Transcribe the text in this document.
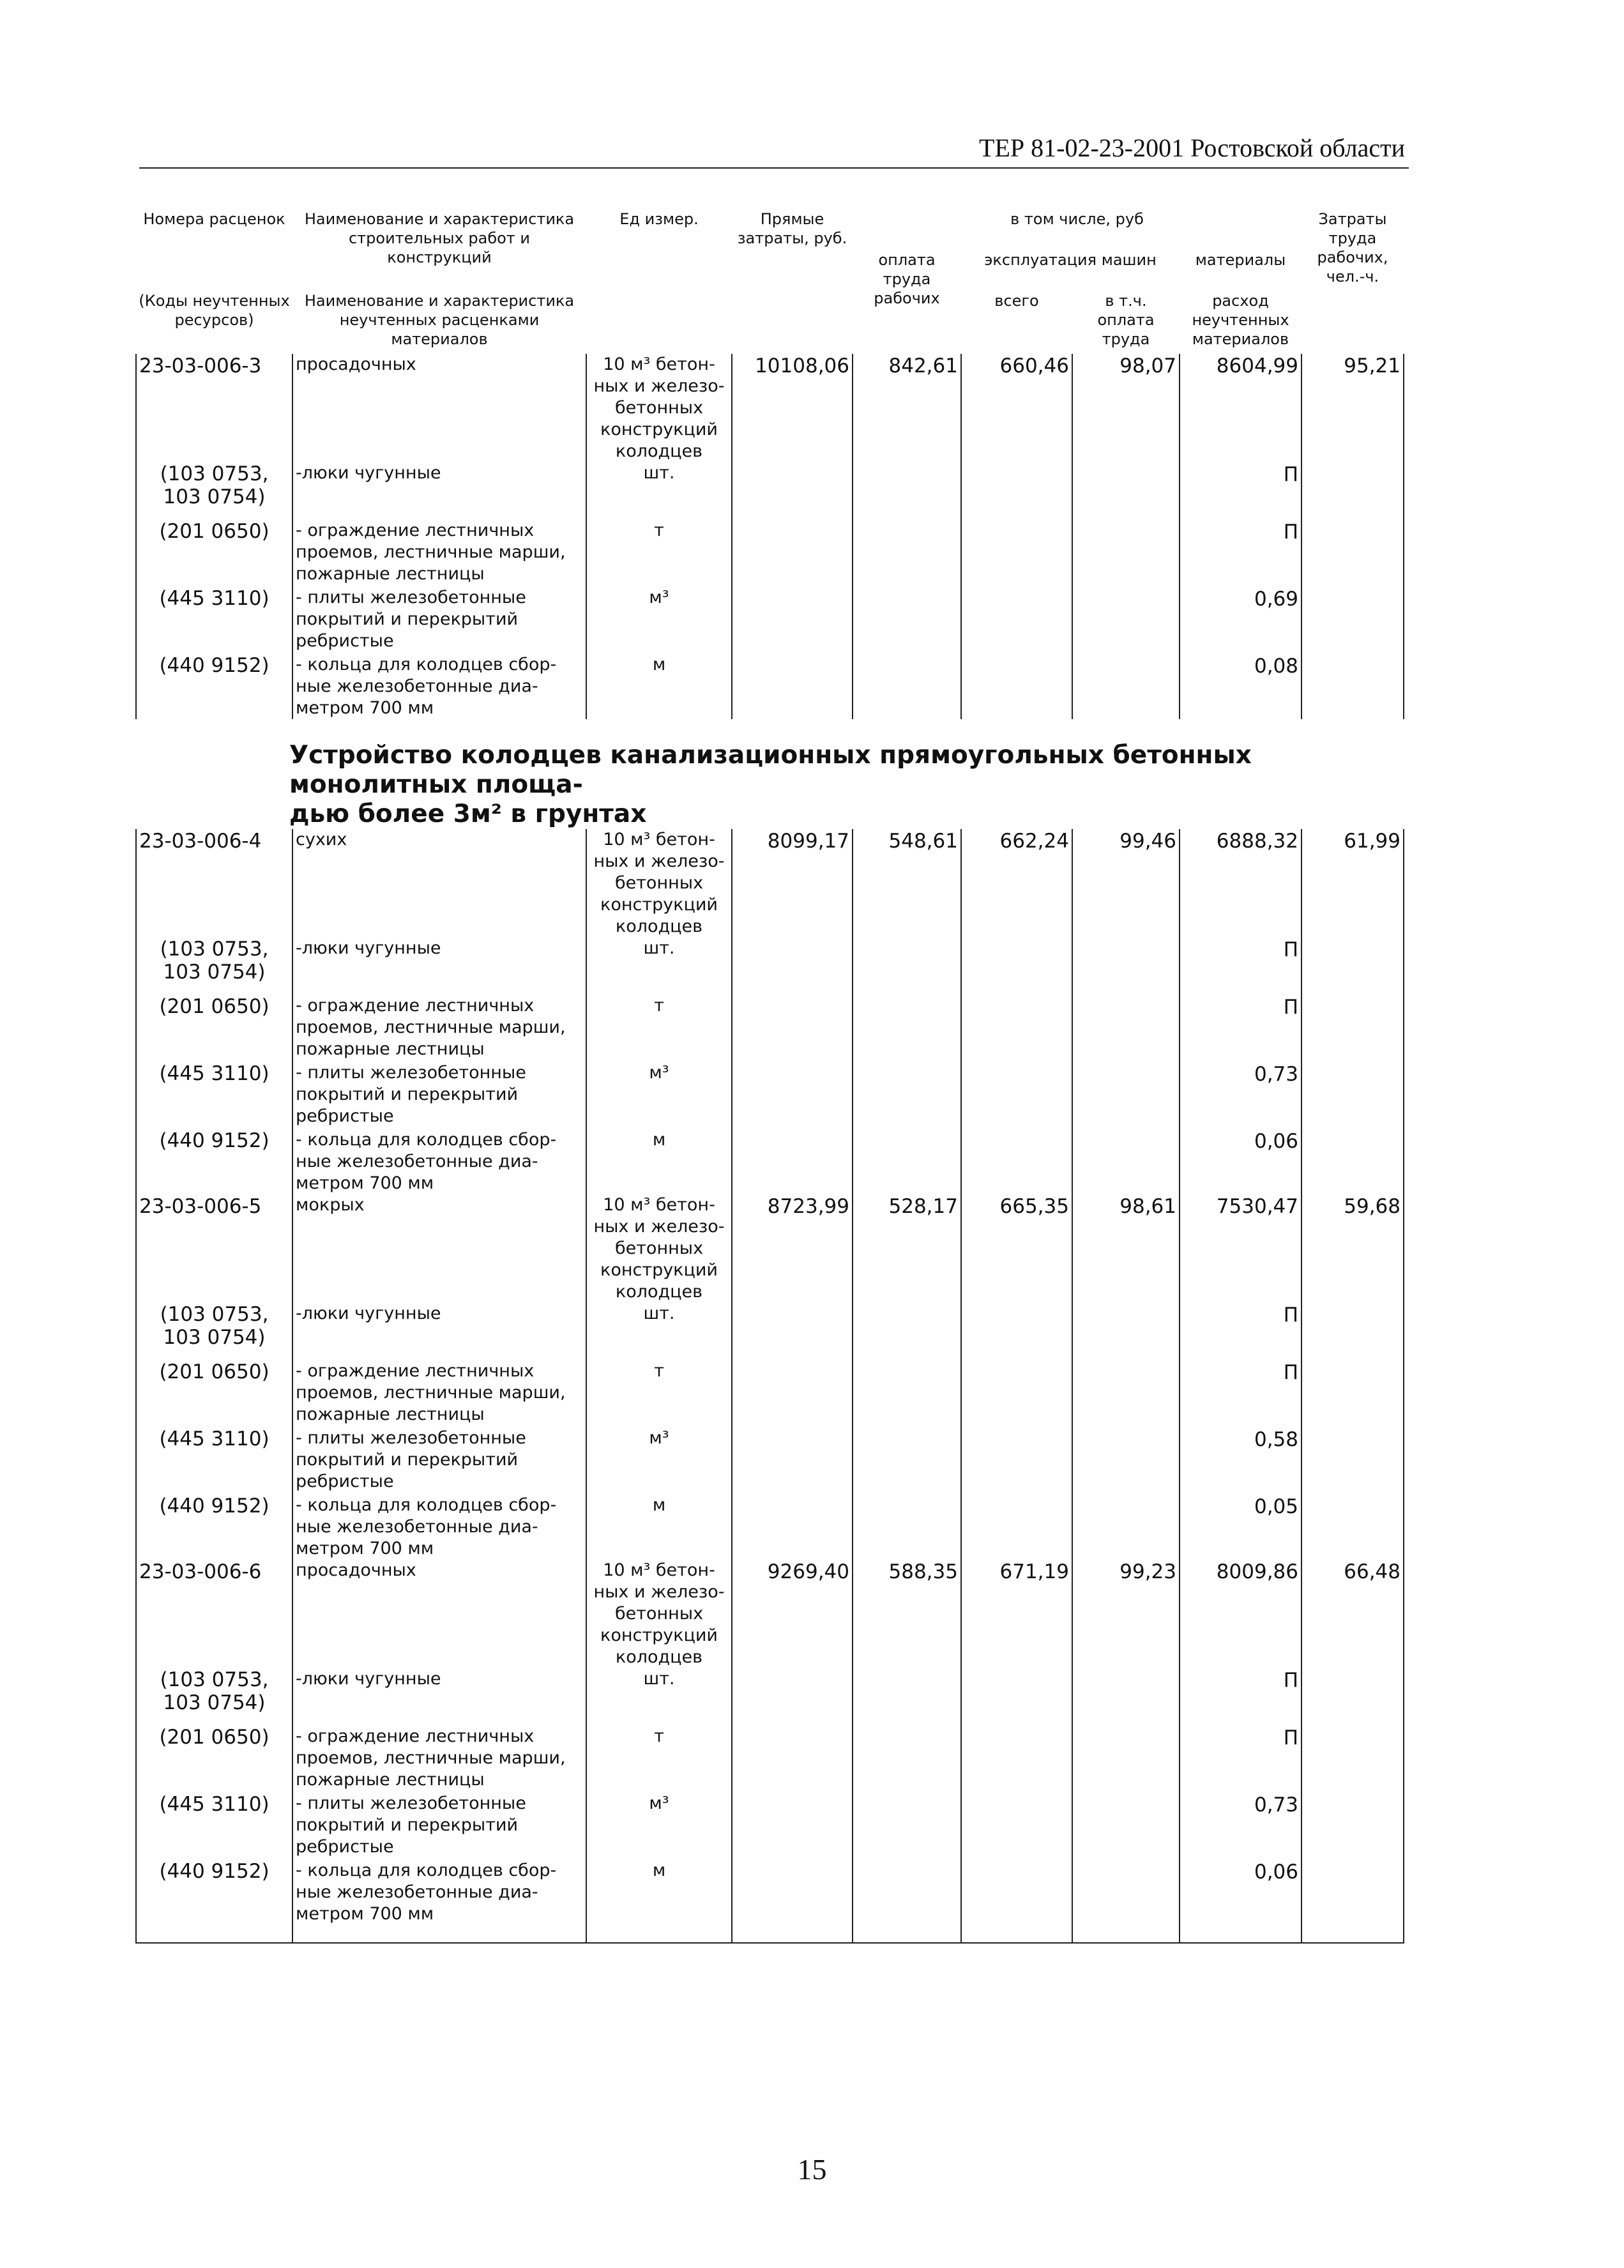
ТЕР 81-02-23-2001 Ростовской области
Номера расценок	Наименование и характеристика строительных работ и конструкций	Ед измер.	Прямые затраты, руб.	в том числе, руб				Затраты труда рабочих, чел.-ч.
				оплата труда рабочих	эксплуатация машин		материалы	
(Коды неучтенных ресурсов)	Наименование и характеристика неучтенных расценками материалов				всего	в т.ч. оплата труда	расход неучтенных материалов	

23-03-006-3	просадочных	10 м³ бетон-
ных и железо-
бетонных
конструкций
колодцев	10108,06	842,61	660,46	98,07	8604,99	95,21

(103 0753,
103 0754)	-люки чугунные	шт.					П	

(201 0650)	- ограждение лестничных
проемов, лестничные марши,
пожарные лестницы	т					П	

(445 3110)	- плиты железобетонные
покрытий и перекрытий
ребристые	м³					0,69	

(440 9152)	- кольца для колодцев сбор-
ные железобетонные диа-
метром 700 мм	м					0,08	

Устройство колодцев канализационных прямоугольных бетонных монолитных площа-
дью более 3м² в грунтах								

23-03-006-4	сухих	10 м³ бетон-
ных и железо-
бетонных
конструкций
колодцев	8099,17	548,61	662,24	99,46	6888,32	61,99

(103 0753,
103 0754)	-люки чугунные	шт.					П	

(201 0650)	- ограждение лестничных
проемов, лестничные марши,
пожарные лестницы	т					П	

(445 3110)	- плиты железобетонные
покрытий и перекрытий
ребристые	м³					0,73	

(440 9152)	- кольца для колодцев сбор-
ные железобетонные диа-
метром 700 мм	м					0,06	
23-03-006-5	мокрых	10 м³ бетон-
ных и железо-
бетонных
конструкций
колодцев	8723,99	528,17	665,35	98,61	7530,47	59,68

(103 0753,
103 0754)	-люки чугунные	шт.					П	

(201 0650)	- ограждение лестничных
проемов, лестничные марши,
пожарные лестницы	т					П	

(445 3110)	- плиты железобетонные
покрытий и перекрытий
ребристые	м³					0,58	

(440 9152)	- кольца для колодцев сбор-
ные железобетонные диа-
метром 700 мм	м					0,05	
23-03-006-6	просадочных	10 м³ бетон-
ных и железо-
бетонных
конструкций
колодцев	9269,40	588,35	671,19	99,23	8009,86	66,48

(103 0753,
103 0754)	-люки чугунные	шт.					П	

(201 0650)	- ограждение лестничных
проемов, лестничные марши,
пожарные лестницы	т					П	

(445 3110)	- плиты железобетонные
покрытий и перекрытий
ребристые	м³					0,73	

(440 9152)	- кольца для колодцев сбор-
ные железобетонные диа-
метром 700 мм	м					0,06	
15
